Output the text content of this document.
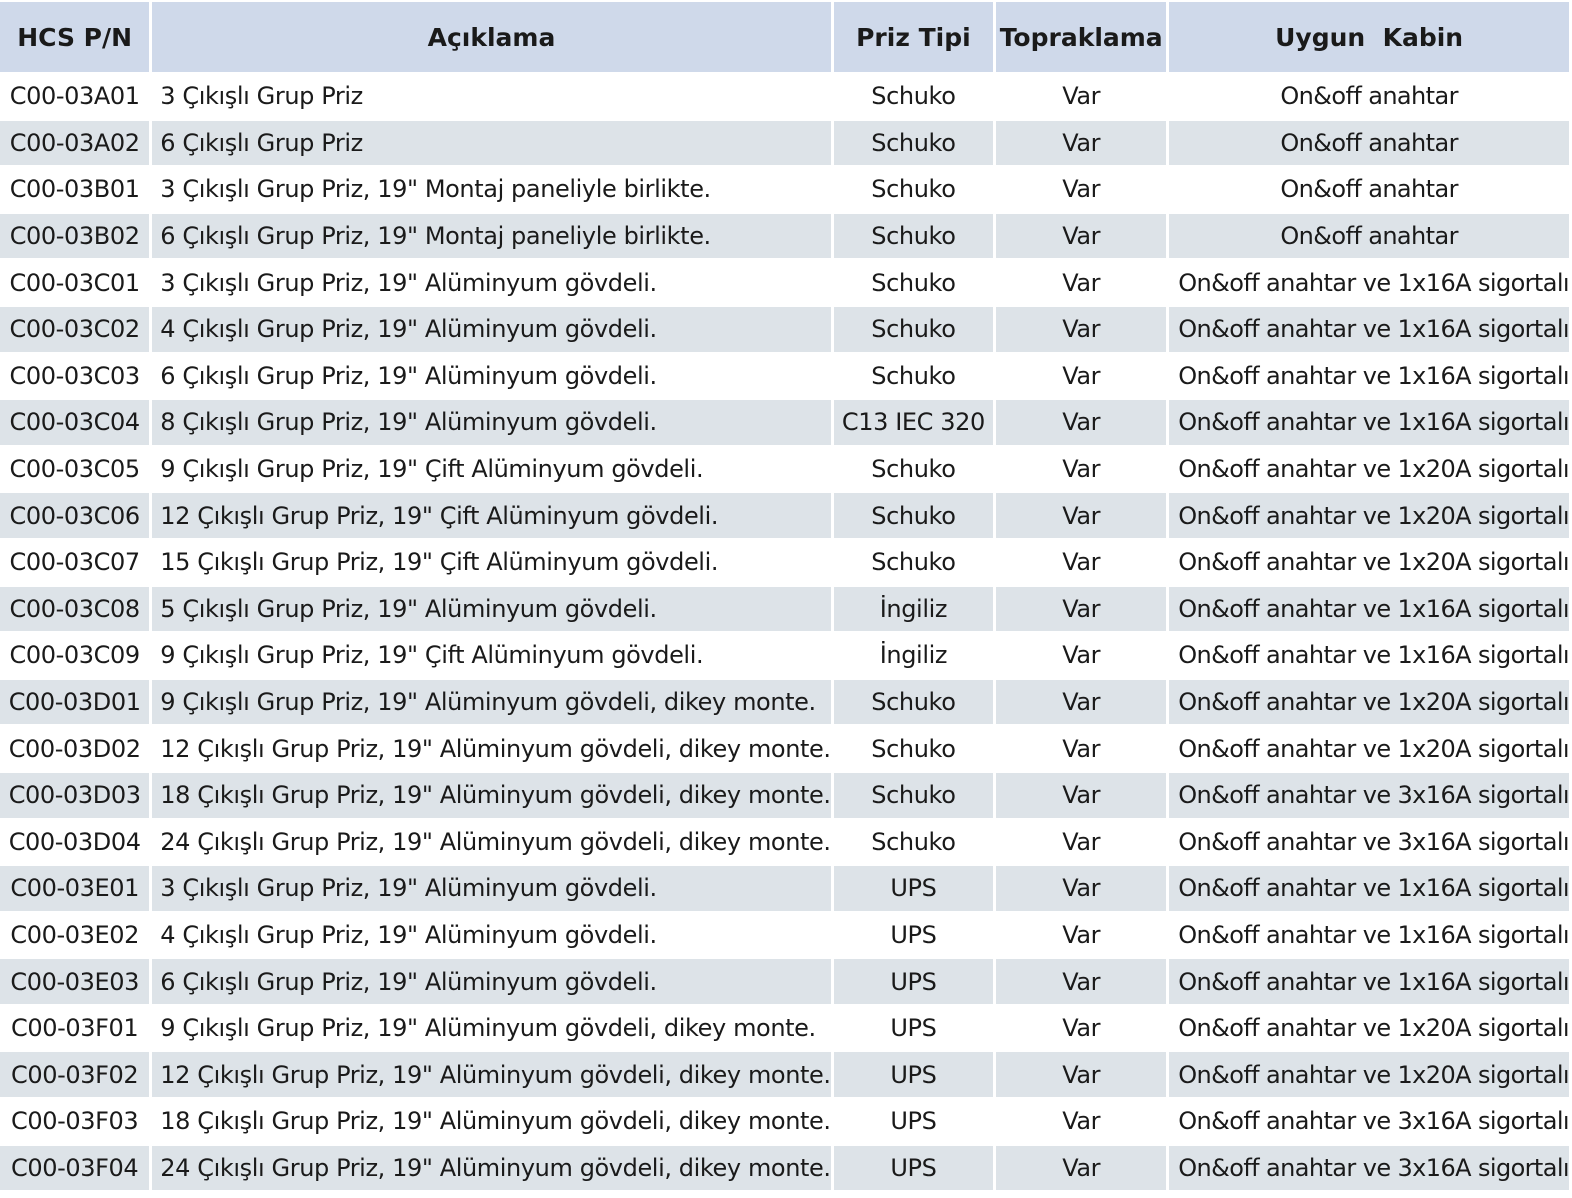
HCS P/N	Açıklama	Priz Tipi	Topraklama	Uygun  Kabin
C00-03A01	3 Çıkışlı Grup Priz	Schuko	Var	On&off anahtar
C00-03A02	6 Çıkışlı Grup Priz	Schuko	Var	On&off anahtar
C00-03B01	3 Çıkışlı Grup Priz, 19" Montaj paneliyle birlikte.	Schuko	Var	On&off anahtar
C00-03B02	6 Çıkışlı Grup Priz, 19" Montaj paneliyle birlikte.	Schuko	Var	On&off anahtar
C00-03C01	3 Çıkışlı Grup Priz, 19" Alüminyum gövdeli.	Schuko	Var	On&off anahtar ve 1x16A sigortalı
C00-03C02	4 Çıkışlı Grup Priz, 19" Alüminyum gövdeli.	Schuko	Var	On&off anahtar ve 1x16A sigortalı
C00-03C03	6 Çıkışlı Grup Priz, 19" Alüminyum gövdeli.	Schuko	Var	On&off anahtar ve 1x16A sigortalı
C00-03C04	8 Çıkışlı Grup Priz, 19" Alüminyum gövdeli.	C13 IEC 320	Var	On&off anahtar ve 1x16A sigortalı
C00-03C05	9 Çıkışlı Grup Priz, 19" Çift Alüminyum gövdeli.	Schuko	Var	On&off anahtar ve 1x20A sigortalı
C00-03C06	12 Çıkışlı Grup Priz, 19" Çift Alüminyum gövdeli.	Schuko	Var	On&off anahtar ve 1x20A sigortalı
C00-03C07	15 Çıkışlı Grup Priz, 19" Çift Alüminyum gövdeli.	Schuko	Var	On&off anahtar ve 1x20A sigortalı
C00-03C08	5 Çıkışlı Grup Priz, 19" Alüminyum gövdeli.	İngiliz	Var	On&off anahtar ve 1x16A sigortalı
C00-03C09	9 Çıkışlı Grup Priz, 19" Çift Alüminyum gövdeli.	İngiliz	Var	On&off anahtar ve 1x16A sigortalı
C00-03D01	9 Çıkışlı Grup Priz, 19" Alüminyum gövdeli, dikey monte.	Schuko	Var	On&off anahtar ve 1x20A sigortalı
C00-03D02	12 Çıkışlı Grup Priz, 19" Alüminyum gövdeli, dikey monte.	Schuko	Var	On&off anahtar ve 1x20A sigortalı
C00-03D03	18 Çıkışlı Grup Priz, 19" Alüminyum gövdeli, dikey monte.	Schuko	Var	On&off anahtar ve 3x16A sigortalı
C00-03D04	24 Çıkışlı Grup Priz, 19" Alüminyum gövdeli, dikey monte.	Schuko	Var	On&off anahtar ve 3x16A sigortalı
C00-03E01	3 Çıkışlı Grup Priz, 19" Alüminyum gövdeli.	UPS	Var	On&off anahtar ve 1x16A sigortalı
C00-03E02	4 Çıkışlı Grup Priz, 19" Alüminyum gövdeli.	UPS	Var	On&off anahtar ve 1x16A sigortalı
C00-03E03	6 Çıkışlı Grup Priz, 19" Alüminyum gövdeli.	UPS	Var	On&off anahtar ve 1x16A sigortalı
C00-03F01	9 Çıkışlı Grup Priz, 19" Alüminyum gövdeli, dikey monte.	UPS	Var	On&off anahtar ve 1x20A sigortalı
C00-03F02	12 Çıkışlı Grup Priz, 19" Alüminyum gövdeli, dikey monte.	UPS	Var	On&off anahtar ve 1x20A sigortalı
C00-03F03	18 Çıkışlı Grup Priz, 19" Alüminyum gövdeli, dikey monte.	UPS	Var	On&off anahtar ve 3x16A sigortalı
C00-03F04	24 Çıkışlı Grup Priz, 19" Alüminyum gövdeli, dikey monte.	UPS	Var	On&off anahtar ve 3x16A sigortalı
